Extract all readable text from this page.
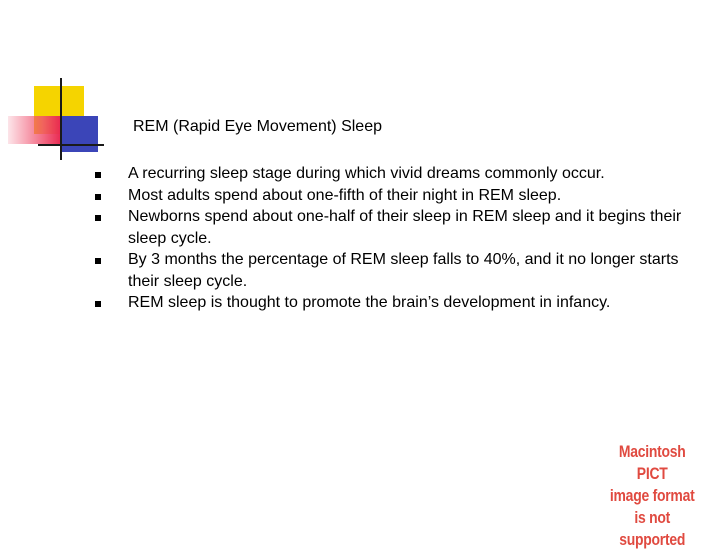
REM (Rapid Eye Movement) Sleep
A recurring sleep stage during which vivid dreams commonly occur.
Most adults spend about one-fifth of their night in REM sleep.
Newborns spend about one-half of their sleep in REM sleep and it begins their sleep cycle.
By 3 months the percentage of REM sleep falls to 40%, and it no longer starts their sleep cycle.
REM sleep is thought to promote the brain’s development in infancy.
Macintosh PICT
image format
is not supported
